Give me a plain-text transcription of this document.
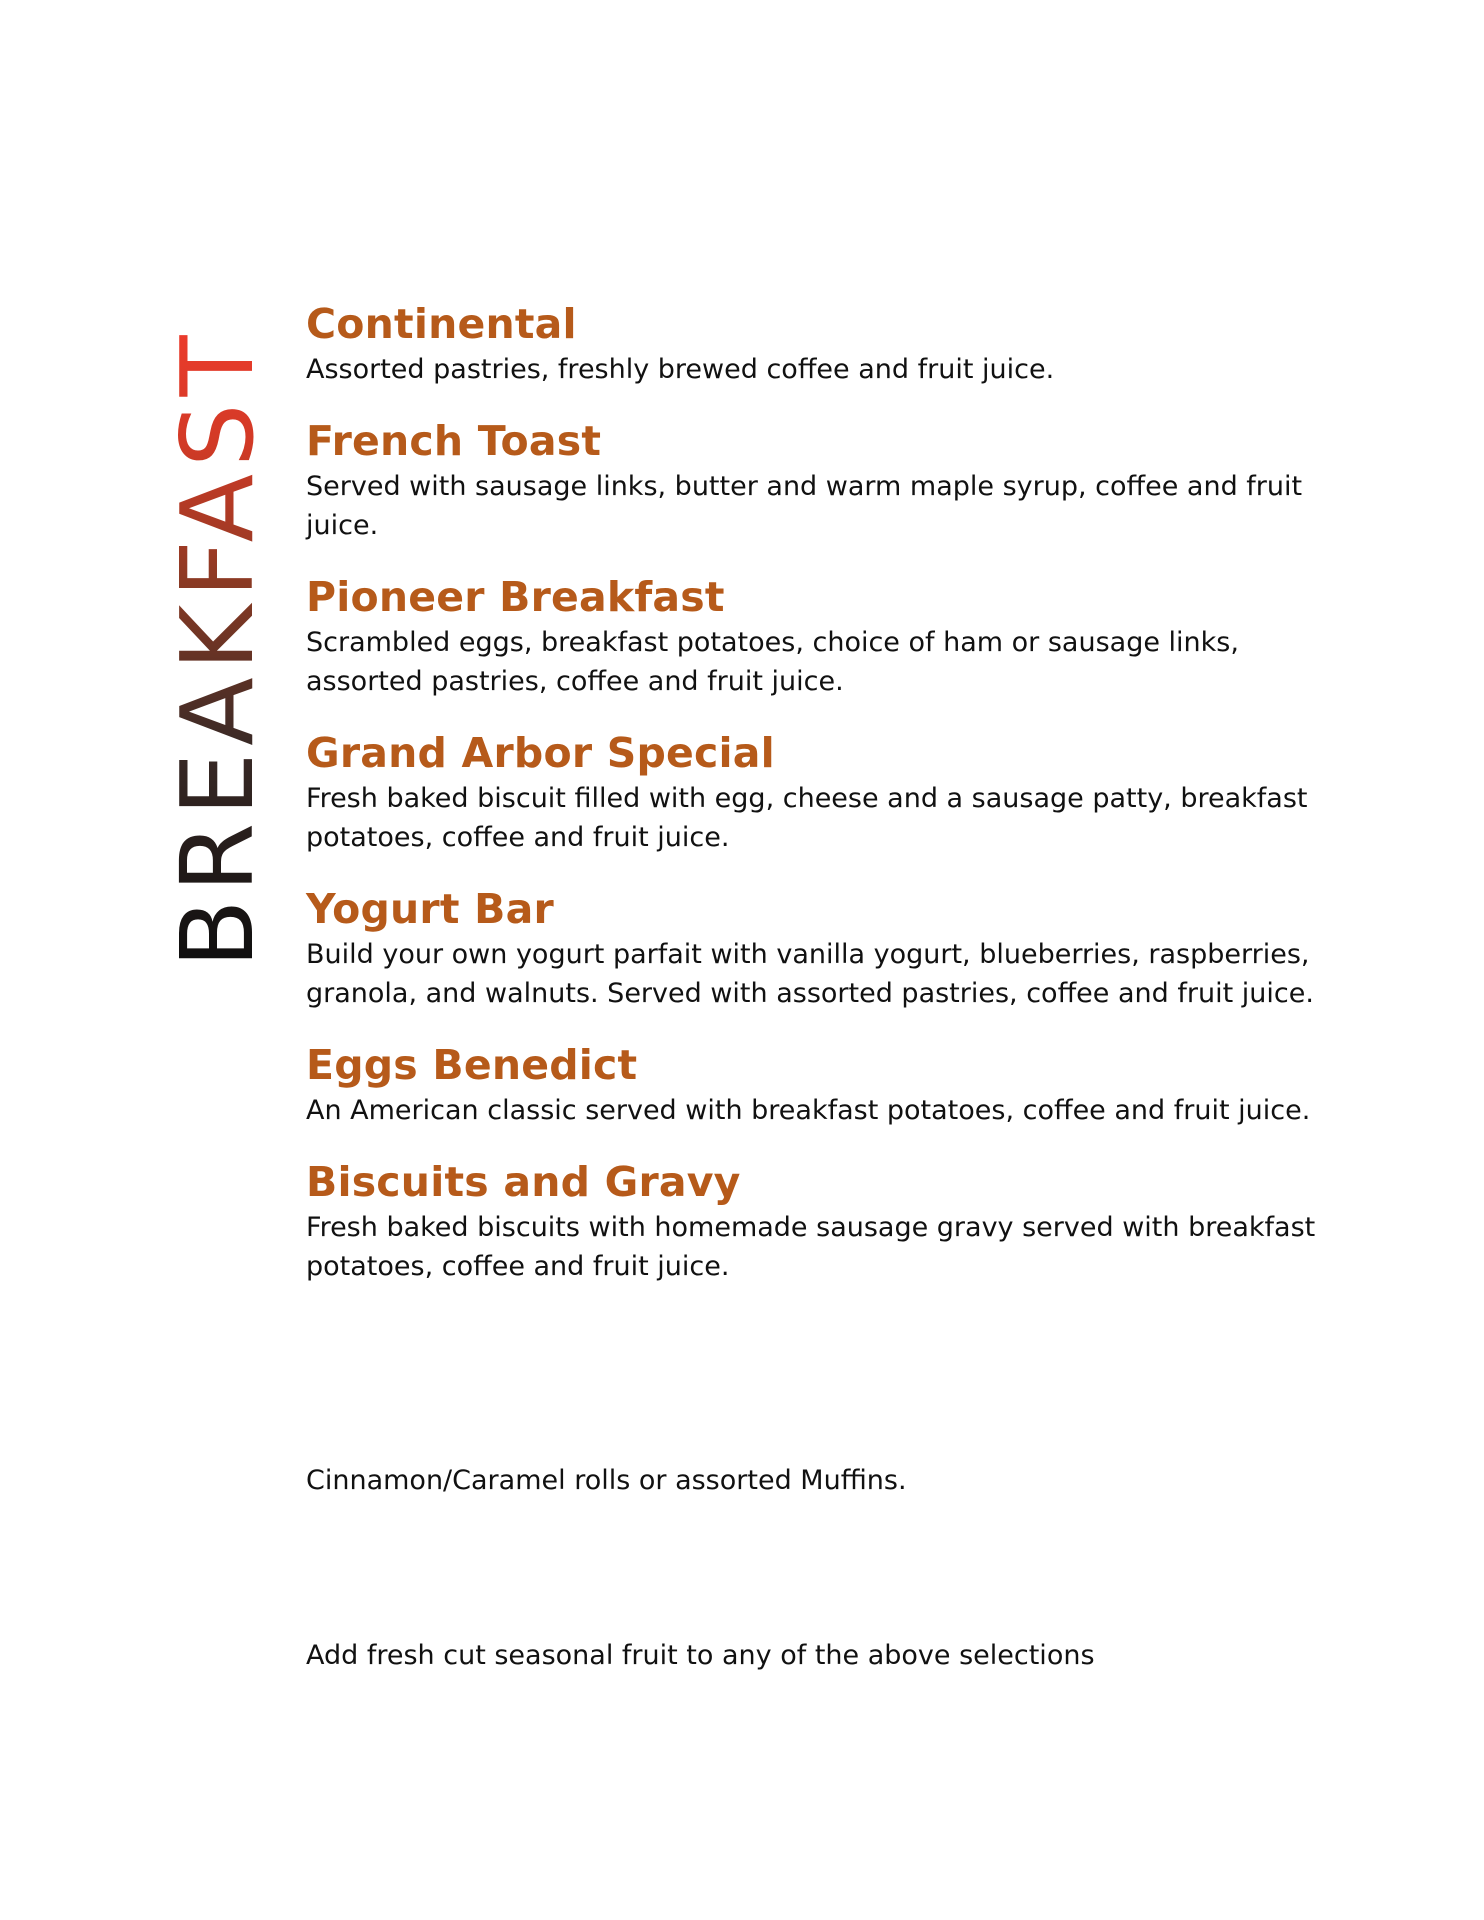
BREAKFAST
Continental

Assorted pastries, freshly brewed coffee and fruit juice.

French Toast

Served with sausage links, butter and warm maple syrup, coffee and fruit juice.

Pioneer Breakfast

Scrambled eggs, breakfast potatoes, choice of ham or sausage links, assorted pastries, coffee and fruit juice.

Grand Arbor Special

Fresh baked biscuit filled with egg, cheese and a sausage patty, breakfast potatoes, coffee and fruit juice.

Yogurt Bar

Build your own yogurt parfait with vanilla yogurt, blueberries, raspberries, granola, and walnuts. Served with assorted pastries, coffee and fruit juice.

Eggs Benedict

An American classic served with breakfast potatoes, coffee and fruit juice.

Biscuits and Gravy

Fresh baked biscuits with homemade sausage gravy served with breakfast potatoes, coffee and fruit juice.

Cinnamon/Caramel rolls or assorted Muffins.

Add fresh cut seasonal fruit to any of the above selections
